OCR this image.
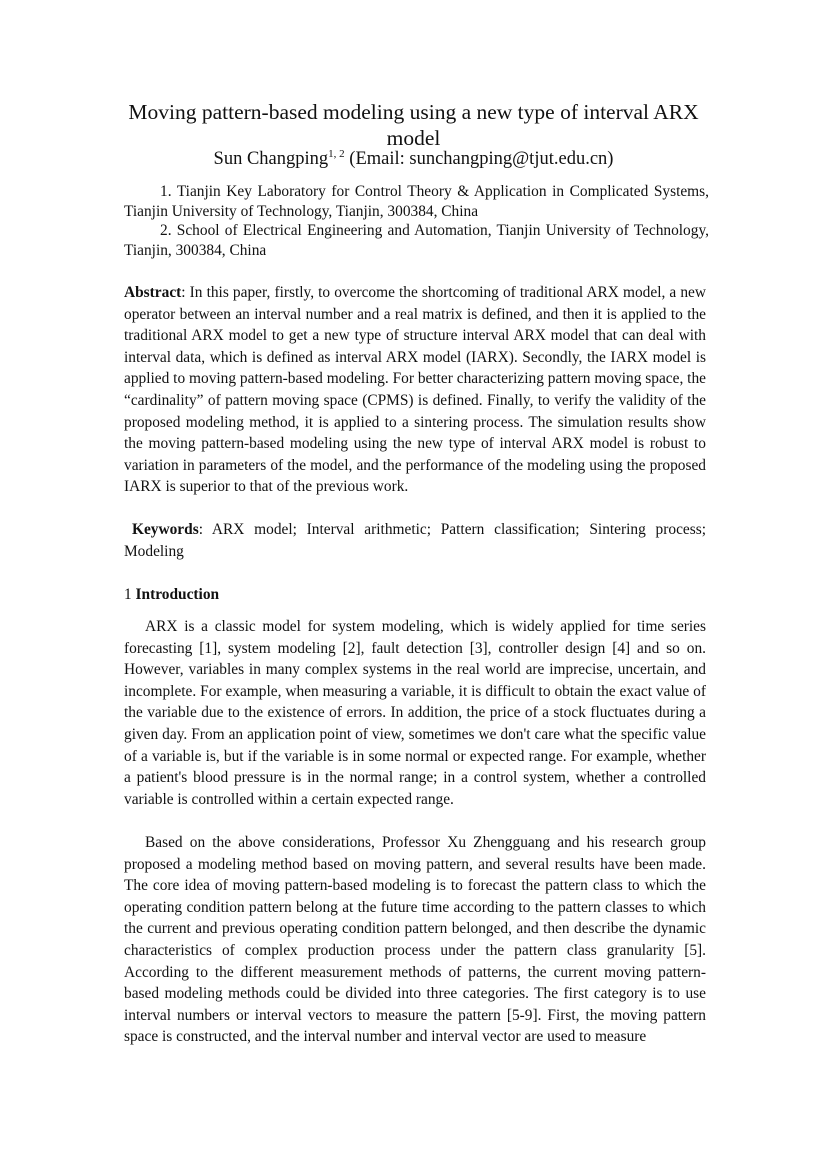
Moving pattern-based modeling using a new type of interval ARX model
Sun Changping$^{1, 2}$ (Email: sunchangping@tjut.edu.cn)
1. Tianjin Key Laboratory for Control Theory & Application in Complicated Systems, Tianjin University of Technology, Tianjin, 300384, China
2. School of Electrical Engineering and Automation, Tianjin University of Technology, Tianjin, 300384, China
Abstract: In this paper, firstly, to overcome the shortcoming of traditional ARX model, a new operator between an interval number and a real matrix is defined, and then it is applied to the traditional ARX model to get a new type of structure interval ARX model that can deal with interval data, which is defined as interval ARX model (IARX). Secondly, the IARX model is applied to moving pattern-based modeling. For better characterizing pattern moving space, the “cardinality” of pattern moving space (CPMS) is defined. Finally, to verify the validity of the proposed modeling method, it is applied to a sintering process. The simulation results show the moving pattern-based modeling using the new type of interval ARX model is robust to variation in parameters of the model, and the performance of the modeling using the proposed IARX is superior to that of the previous work.
Keywords: ARX model; Interval arithmetic; Pattern classification; Sintering process; Modeling
1 Introduction
ARX is a classic model for system modeling, which is widely applied for time series forecasting [1], system modeling [2], fault detection [3], controller design [4] and so on. However, variables in many complex systems in the real world are imprecise, uncertain, and incomplete. For example, when measuring a variable, it is difficult to obtain the exact value of the variable due to the existence of errors. In addition, the price of a stock fluctuates during a given day. From an application point of view, sometimes we don't care what the specific value of a variable is, but if the variable is in some normal or expected range. For example, whether a patient's blood pressure is in the normal range; in a control system, whether a controlled variable is controlled within a certain expected range.
Based on the above considerations, Professor Xu Zhengguang and his research group proposed a modeling method based on moving pattern, and several results have been made. The core idea of moving pattern-based modeling is to forecast the pattern class to which the operating condition pattern belong at the future time according to the pattern classes to which the current and previous operating condition pattern belonged, and then describe the dynamic characteristics of complex production process under the pattern class granularity [5]. According to the different measurement methods of patterns, the current moving pattern-based modeling methods could be divided into three categories. The first category is to use interval numbers or interval vectors to measure the pattern [5-9]. First, the moving pattern space is constructed, and the interval number and interval vector are used to measure
